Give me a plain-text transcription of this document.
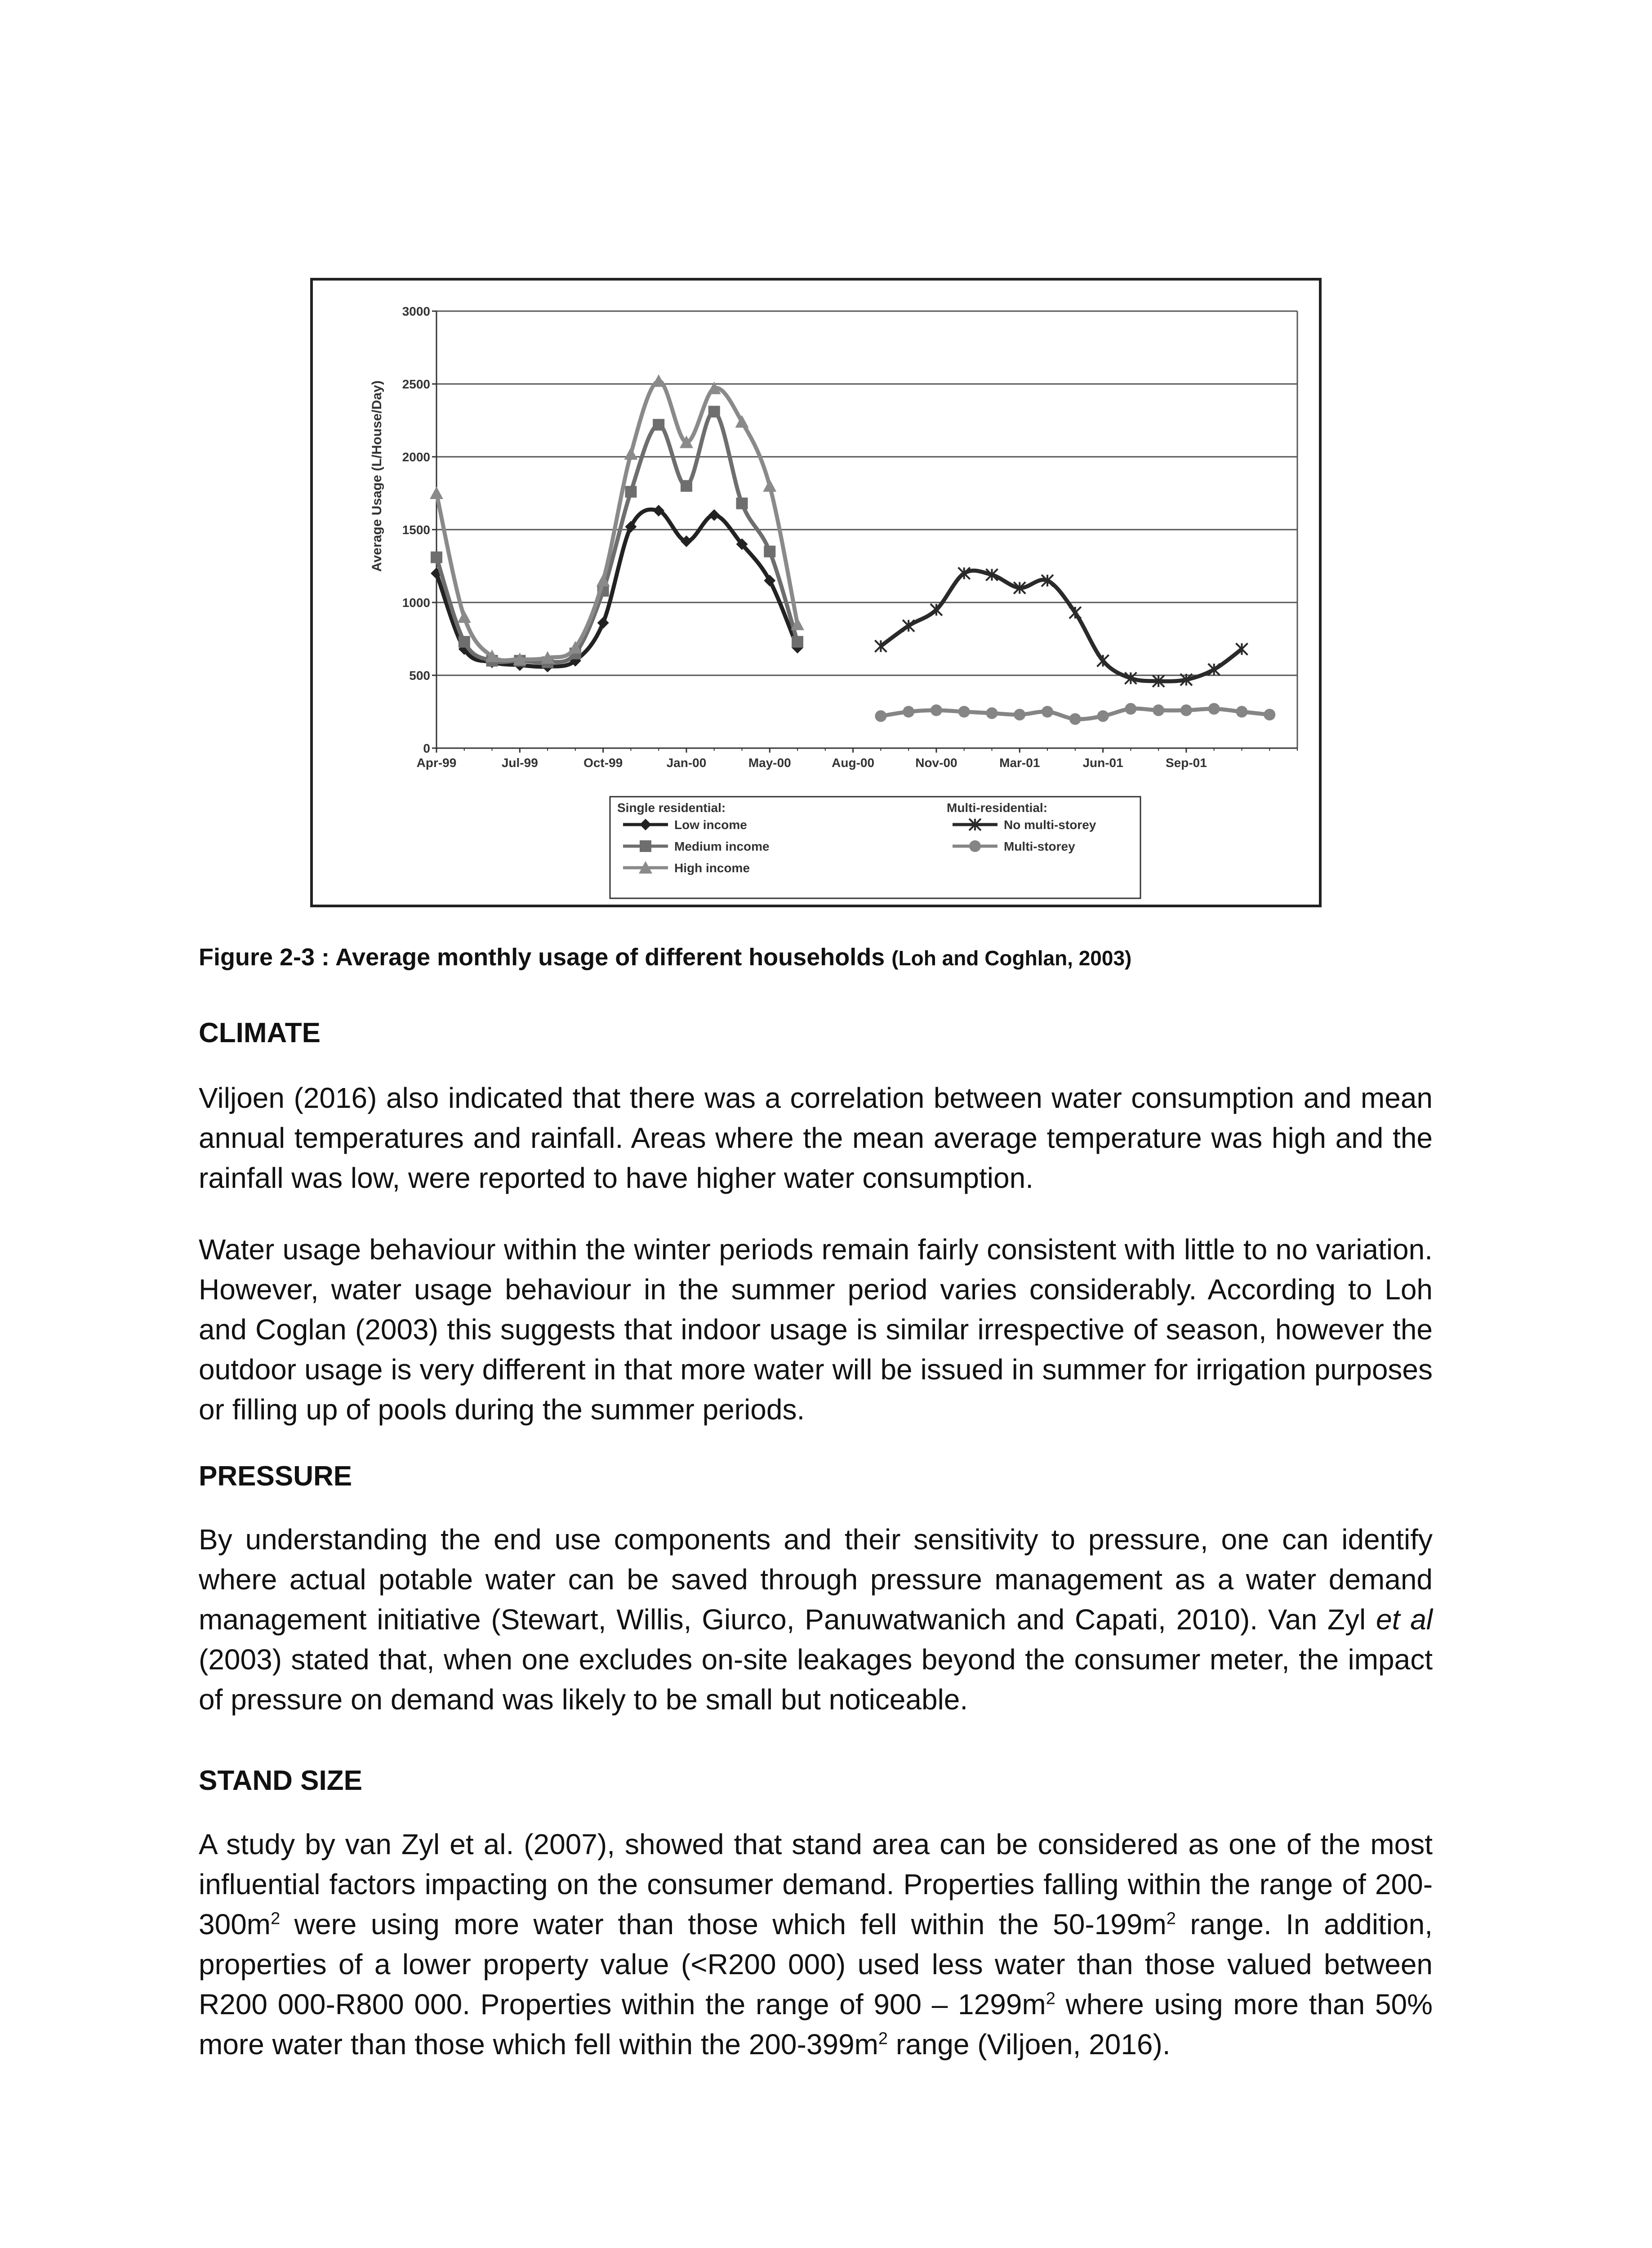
Average Usage (L/House/Day)
0
500
1000
1500
2000
2500
3000
Apr-99	Jul-99	Oct-99	Jan-00	May-00	Aug-00	Nov-00	Mar-01	Jun-01	Sep-01
Single residential:	Multi-residential:
Low income
Medium income
High income
No multi-storey
Multi-storey
Figure 2-3 : Average monthly usage of different households (Loh and Coghlan, 2003)
CLIMATE
Viljoen (2016) also indicated that there was a correlation between water consumption and mean annual temperatures and rainfall. Areas where the mean average temperature was high and the rainfall was low, were reported to have higher water consumption.
Water usage behaviour within the winter periods remain fairly consistent with little to no variation. However, water usage behaviour in the summer period varies considerably. According to Loh and Coglan (2003) this suggests that indoor usage is similar irrespective of season, however the outdoor usage is very different in that more water will be issued in summer for irrigation purposes or filling up of pools during the summer periods.
PRESSURE
By understanding the end use components and their sensitivity to pressure, one can identify where actual potable water can be saved through pressure management as a water demand management initiative (Stewart, Willis, Giurco, Panuwatwanich and Capati, 2010). Van Zyl et al (2003) stated that, when one excludes on-site leakages beyond the consumer meter, the impact of pressure on demand was likely to be small but noticeable.
STAND SIZE
A study by van Zyl et al. (2007), showed that stand area can be considered as one of the most influential factors impacting on the consumer demand. Properties falling within the range of $200-300m^2$ were using more water than those which fell within the $50-199m^2$ range. In addition, properties of a lower property value (<R200 000) used less water than those valued between R200 000-R800 000. Properties within the range of $900 - 1299m^2$ where using more than 50% more water than those which fell within the $200-399m^2$ range (Viljoen, 2016).
